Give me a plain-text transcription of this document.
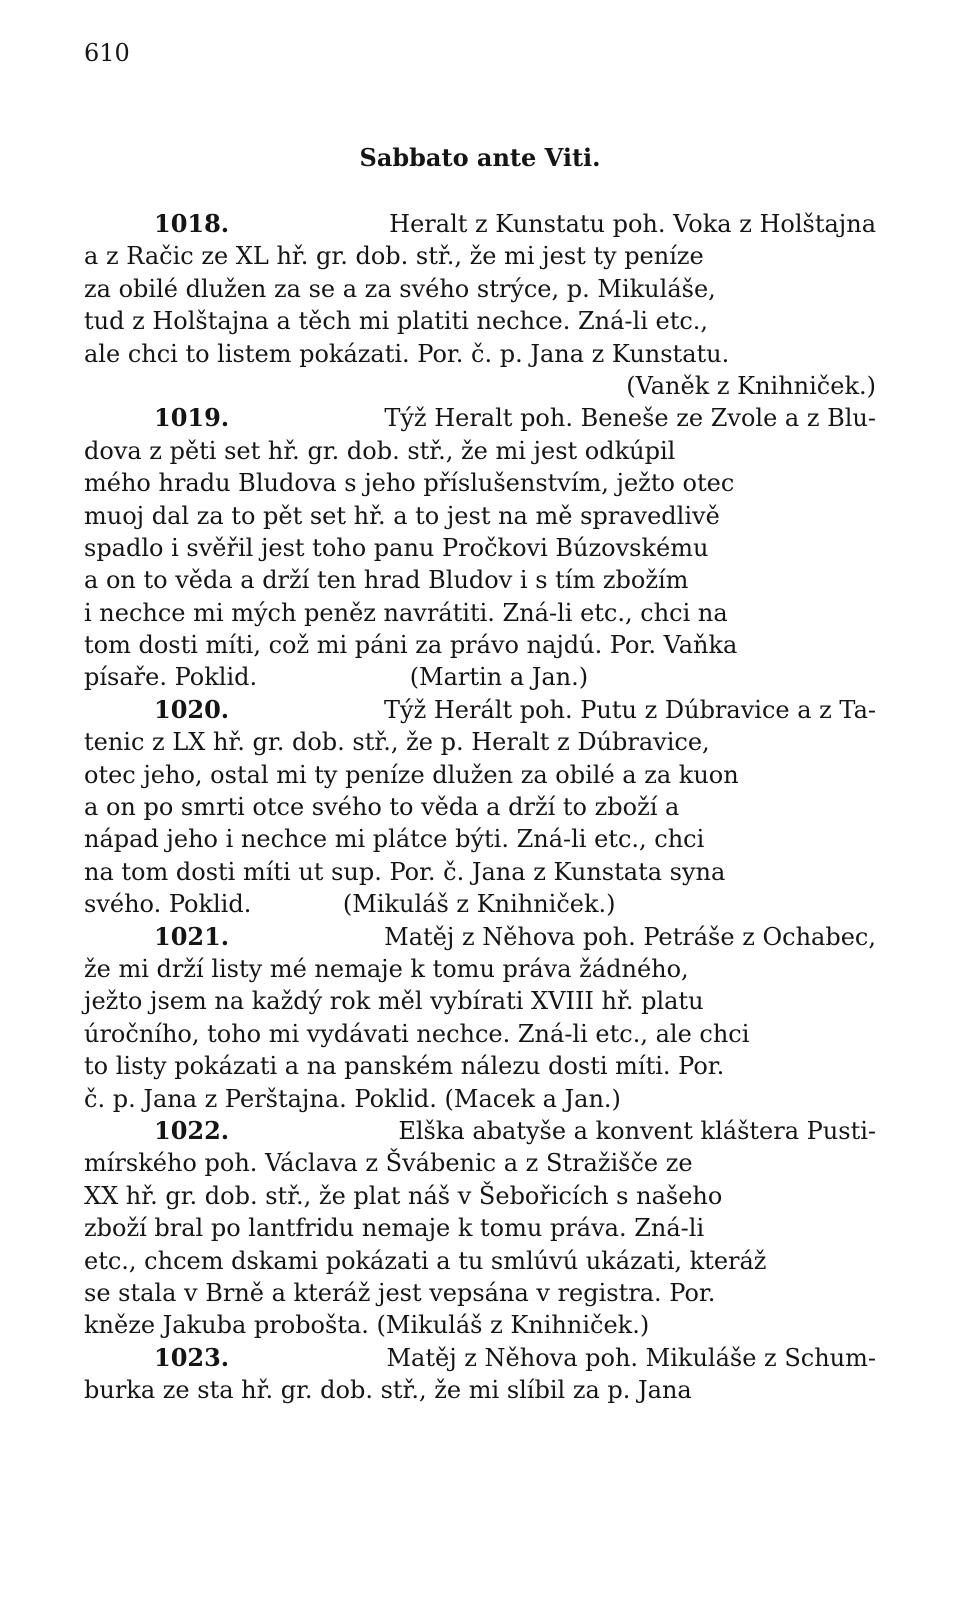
610
Sabbato ante Viti.
1018.	Heralt z Kunstatu poh. Voka z Holštajna
a z Račic ze XL hř. gr. dob. stř., že mi jest ty peníze
za obilé dlužen za se a za svého strýce, p. Mikuláše,
tud z Holštajna a těch mi platiti nechce. Zná-li etc.,
ale chci to listem pokázati. Por. č. p. Jana z Kunstatu.
(Vaněk z Knihniček.)
1019.	Týž Heralt poh. Beneše ze Zvole a z Blu-
dova z pěti set hř. gr. dob. stř., že mi jest odkúpil
mého hradu Bludova s jeho příslušenstvím, ježto otec
muoj dal za to pět set hř. a to jest na mě spravedlivě
spadlo i svěřil jest toho panu Pročkovi Búzovskému
a on to věda a drží ten hrad Bludov i s tím zbožím
i nechce mi mých peněz navrátiti. Zná-li etc., chci na
tom dosti míti, což mi páni za právo najdú. Por. Vaňka
písaře. Poklid.                    (Martin a Jan.)
1020.	Týž Herált poh. Putu z Dúbravice a z Ta-
tenic z LX hř. gr. dob. stř., že p. Heralt z Dúbravice,
otec jeho, ostal mi ty peníze dlužen za obilé a za kuon
a on po smrti otce svého to věda a drží to zboží a
nápad jeho i nechce mi plátce býti. Zná-li etc., chci
na tom dosti míti ut sup. Por. č. Jana z Kunstata syna
svého. Poklid.            (Mikuláš z Knihniček.)
1021.	Matěj z Něhova poh. Petráše z Ochabec,
že mi drží listy mé nemaje k tomu práva žádného,
ježto jsem na každý rok měl vybírati XVIII hř. platu
úročního, toho mi vydávati nechce. Zná-li etc., ale chci
to listy pokázati a na panském nálezu dosti míti. Por.
č. p. Jana z Perštajna. Poklid. (Macek a Jan.)
1022.	Elška abatyše a konvent kláštera Pusti-
mírského poh. Václava z Švábenic a z Stražišče ze
XX hř. gr. dob. stř., že plat náš v Šebořicích s našeho
zboží bral po lantfridu nemaje k tomu práva. Zná-li
etc., chcem dskami pokázati a tu smlúvú ukázati, kteráž
se stala v Brně a kteráž jest vepsána v registra. Por.
kněze Jakuba probošta. (Mikuláš z Knihniček.)
1023.	Matěj z Něhova poh. Mikuláše z Schum-
burka ze sta hř. gr. dob. stř., že mi slíbil za p. Jana
